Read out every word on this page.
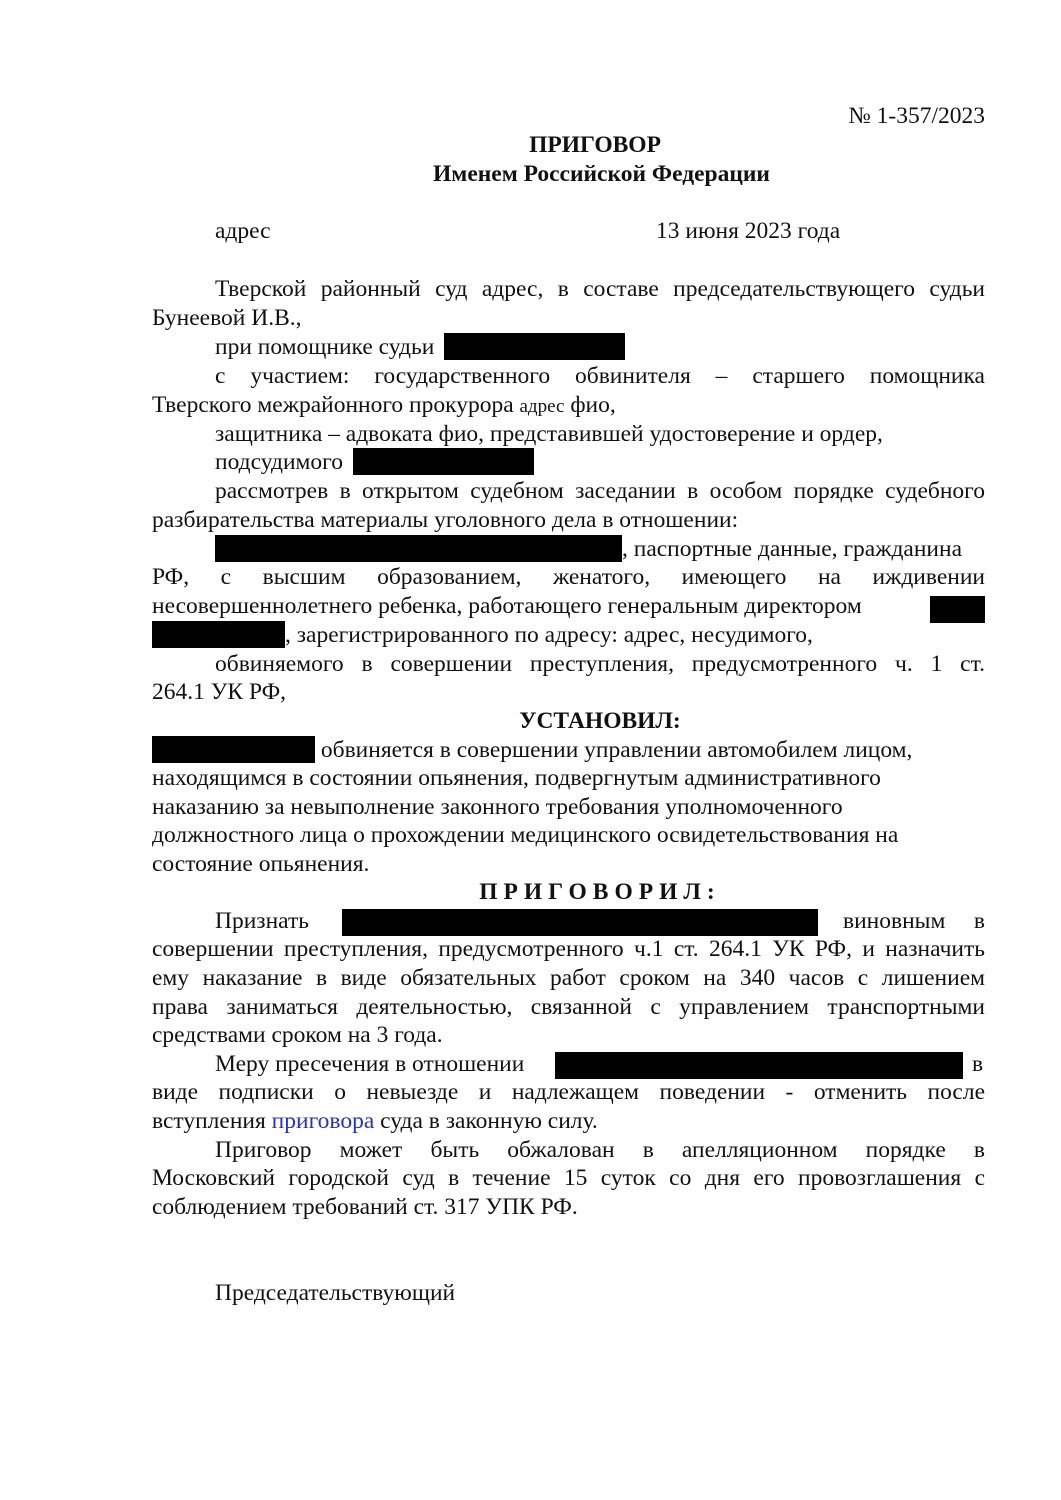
№ 1-357/2023
ПРИГОВОР
Именем Российской Федерации
адрес	13 июня 2023 года
Тверской районный суд адрес, в составе председательствующего судьи
Бунеевой И.В.,
при помощнике судьи
с участием: государственного обвинителя – старшего помощника
Тверского межрайонного прокурора адрес фио,
защитника – адвоката фио, представившей удостоверение и ордер,
подсудимого
рассмотрев в открытом судебном заседании в особом порядке судебного
разбирательства материалы уголовного дела в отношении:
, паспортные данные, гражданина
РФ, с высшим образованием, женатого, имеющего на иждивении
несовершеннолетнего ребенка, работающего генеральным директором
, зарегистрированного по адресу: адрес, несудимого,
обвиняемого в совершении преступления, предусмотренного ч. 1 ст.
264.1 УК РФ,
УСТАНОВИЛ:
обвиняется в совершении управлении автомобилем лицом,
находящимся в состоянии опьянения, подвергнутым административного
наказанию за невыполнение законного требования уполномоченного
должностного лица о прохождении медицинского освидетельствования на
состояние опьянения.
ПРИГОВОРИЛ:
Признать	виновным в
совершении преступления, предусмотренного ч.1 ст. 264.1 УК РФ, и назначить
ему наказание в виде обязательных работ сроком на 340 часов с лишением
права заниматься деятельностью, связанной с управлением транспортными
средствами сроком на 3 года.
Меру пресечения в отношении	в
виде подписки о невыезде и надлежащем поведении - отменить после
вступления приговора суда в законную силу.
Приговор может быть обжалован в апелляционном порядке в
Московский городской суд в течение 15 суток со дня его провозглашения с
соблюдением требований ст. 317 УПК РФ.
Председательствующий
